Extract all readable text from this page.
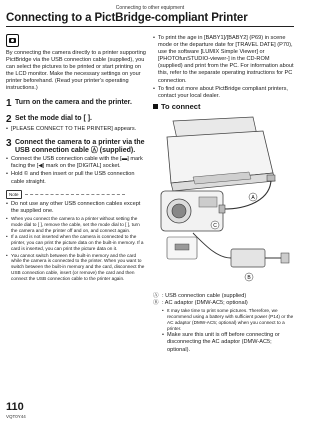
Connecting to other equipment
Connecting to a PictBridge-compliant Printer

By connecting the camera directly to a printer supporting PictBridge via the USB connection cable (supplied), you can select the pictures to be printed or start printing on the LCD monitor. Make the necessary settings on your printer beforehand. (Read your printer's operating instructions.)

1 Turn on the camera and the printer.
2 Set the mode dial to [ ].
• [PLEASE CONNECT TO THE PRINTER] appears.
3 Connect the camera to a printer via the USB connection cable Ⓐ (supplied).
• Connect the USB connection cable with the [▬] mark facing the [◀] mark on the [DIGITAL] socket.
• Hold © and then insert or pull the USB connection cable straight.
Note
• Do not use any other USB connection cables except the supplied one.
• When you connect the camera to a printer without setting the mode dial to [ ], remove the cable, set the mode dial to [ ], turn the camera and the printer off and on, and connect again.
• If a card is not inserted when the camera is connected to the printer, you can print the picture data on the built-in memory. If a card is inserted, you can print the picture data on it.
• You cannot switch between the built-in memory and the card while the camera is connected to the printer. When you want to switch between the built-in memory and the card, disconnect the USB connection cable, insert (or remove) the card and then connect the USB connection cable to the printer again.
• To print the age in [BABY1]/[BABY2] (P69) in scene mode or the departure date for [TRAVEL DATE] (P70), use the software [LUMIX Simple Viewer] or [PHOTOfunSTUDIO-viewer-] in the CD-ROM (supplied) and print from the PC. For information about this, refer to the separate operating instructions for PC connection.
• To find out more about PictBridge compliant printers, contact your local dealer.
To connect
A
C
B
Ⓐ : USB connection cable (supplied)
Ⓑ : AC adaptor (DMW-AC5; optional)
• It may take time to print some pictures. Therefore, we recommend using a battery with sufficient power (P14) or the AC adaptor (DMW-AC5; optional) when you connect to a printer.
• Make sure this unit is off before connecting or disconnecting the AC adaptor (DMW-AC5; optional).
110
VQT0Y44
